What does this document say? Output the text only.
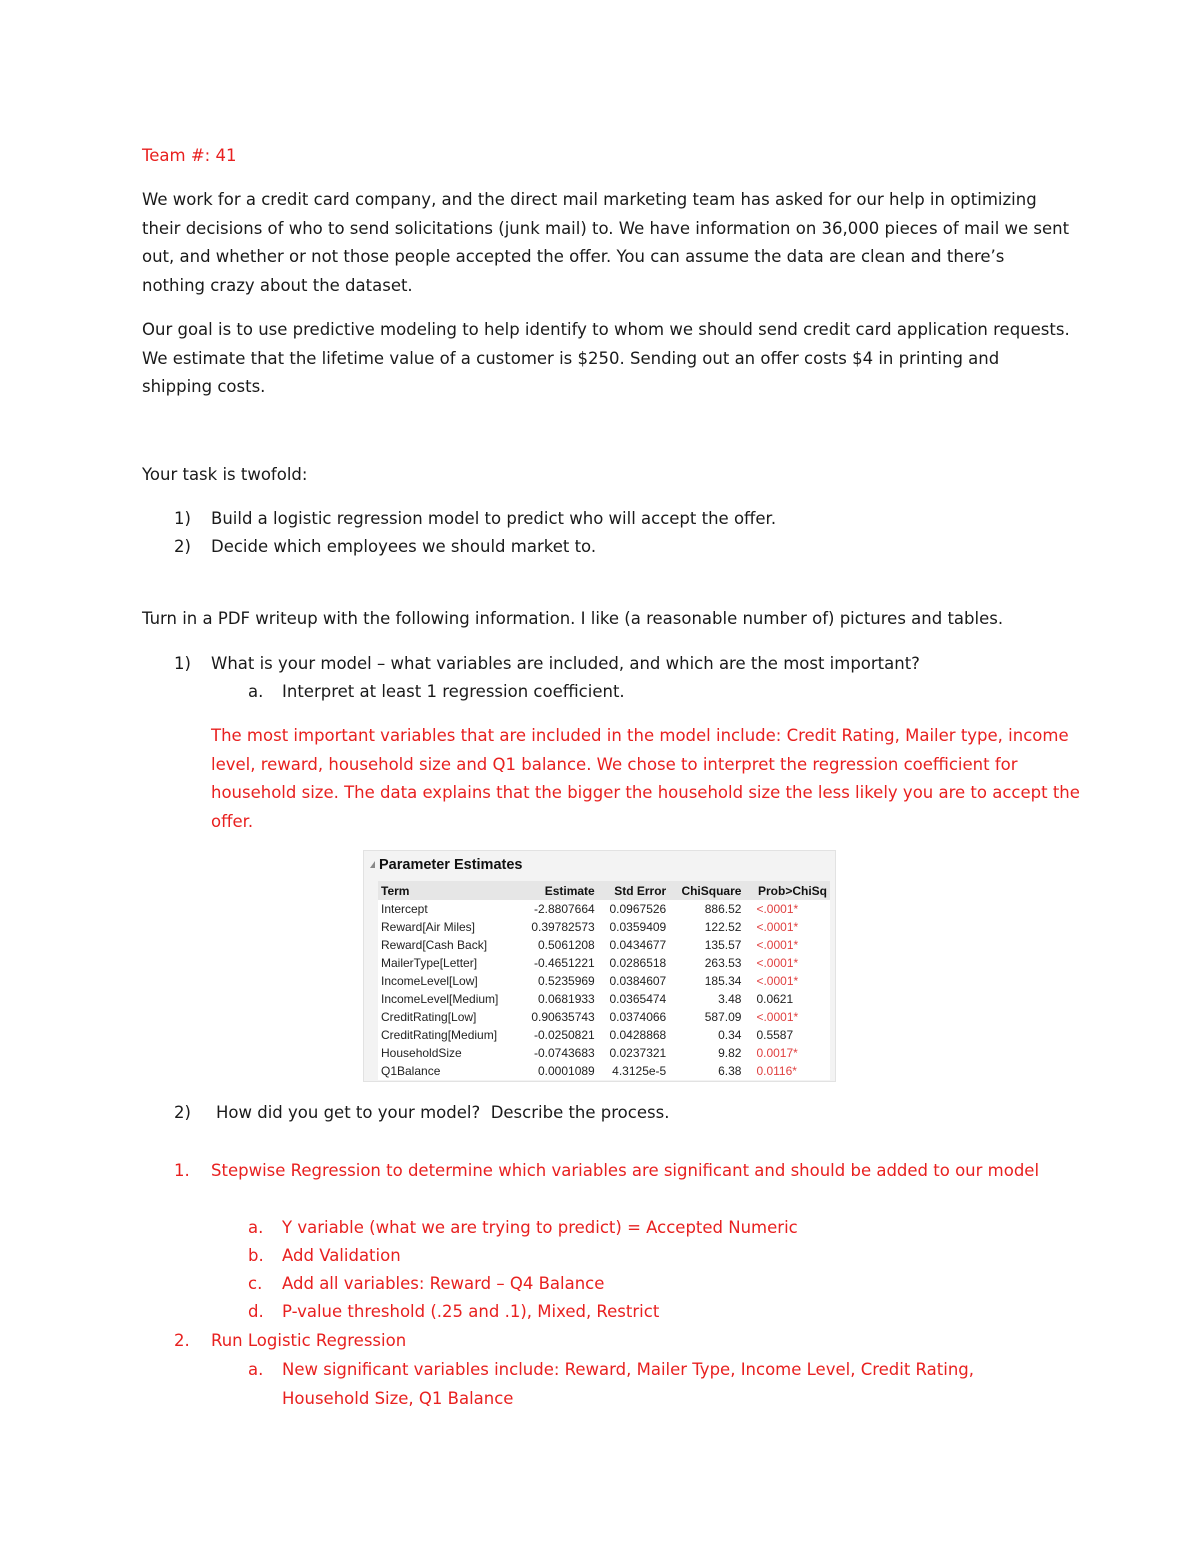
Team #: 41
We work for a credit card company, and the direct mail marketing team has asked for our help in optimizing their decisions of who to send solicitations (junk mail) to. We have information on 36,000 pieces of mail we sent out, and whether or not those people accepted the offer. You can assume the data are clean and there’s nothing crazy about the dataset.
Our goal is to use predictive modeling to help identify to whom we should send credit card application requests. We estimate that the lifetime value of a customer is $250. Sending out an offer costs $4 in printing and shipping costs.
Your task is twofold:
1) Build a logistic regression model to predict who will accept the offer.
2) Decide which employees we should market to.
Turn in a PDF writeup with the following information. I like (a reasonable number of) pictures and tables.
1) What is your model – what variables are included, and which are the most important?
a. Interpret at least 1 regression coefficient.
The most important variables that are included in the model include: Credit Rating, Mailer type, income level, reward, household size and Q1 balance. We chose to interpret the regression coefficient for household size. The data explains that the bigger the household size the less likely you are to accept the offer.
Parameter Estimates
Term	Estimate	Std Error	ChiSquare	Prob>ChiSq
Intercept	-2.8807664	0.0967526	886.52	<.0001*
Reward[Air Miles]	0.39782573	0.0359409	122.52	<.0001*
Reward[Cash Back]	0.5061208	0.0434677	135.57	<.0001*
MailerType[Letter]	-0.4651221	0.0286518	263.53	<.0001*
IncomeLevel[Low]	0.5235969	0.0384607	185.34	<.0001*
IncomeLevel[Medium]	0.0681933	0.0365474	3.48	0.0621
CreditRating[Low]	0.90635743	0.0374066	587.09	<.0001*
CreditRating[Medium]	-0.0250821	0.0428868	0.34	0.5587
HouseholdSize	-0.0743683	0.0237321	9.82	0.0017*
Q1Balance	0.0001089	4.3125e-5	6.38	0.0116*
2) How did you get to your model?  Describe the process.
1. Stepwise Regression to determine which variables are significant and should be added to our model
a. Y variable (what we are trying to predict) = Accepted Numeric
b. Add Validation
c. Add all variables: Reward – Q4 Balance
d. P-value threshold (.25 and .1), Mixed, Restrict
2. Run Logistic Regression
a. New significant variables include: Reward, Mailer Type, Income Level, Credit Rating, Household Size, Q1 Balance
